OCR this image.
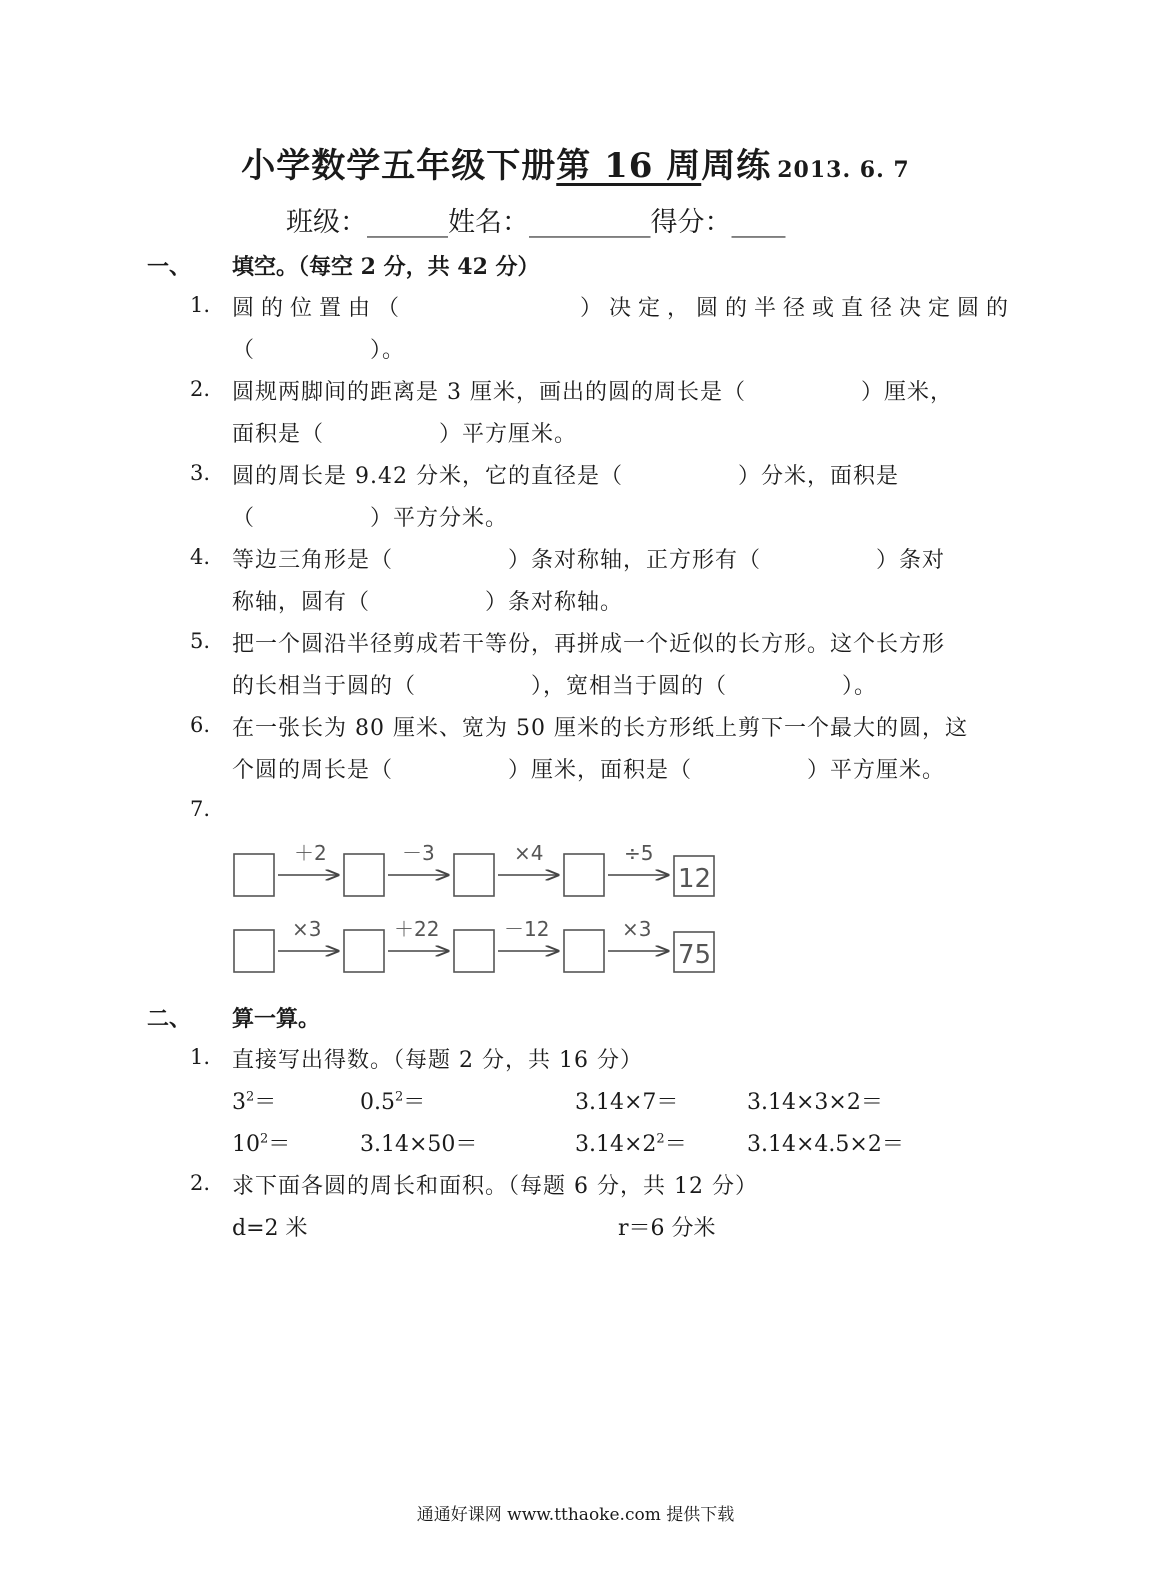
小学数学五年级下册第 16 周周练 2013. 6. 7
班级：______姓名：_________得分：____
一、 填空。（每空 2 分，共 42 分）
1. 圆的位置由（　　　　　　）决定，圆的半径或直径决定圆的
（　　　　　）。
2. 圆规两脚间的距离是 3 厘米，画出的圆的周长是（　　　　　）厘米，
面积是（　　　　　）平方厘米。
3. 圆的周长是 9.42 分米，它的直径是（　　　　　）分米，面积是
（　　　　　）平方分米。
4. 等边三角形是（　　　　　）条对称轴，正方形有（　　　　　）条对
称轴，圆有（　　　　　）条对称轴。
5. 把一个圆沿半径剪成若干等份，再拼成一个近似的长方形。这个长方形
的长相当于圆的（　　　　　），宽相当于圆的（　　　　　）。
6. 在一张长为 80 厘米、宽为 50 厘米的长方形纸上剪下一个最大的圆，这
个圆的周长是（　　　　　）厘米，面积是（　　　　　）平方厘米。
7.
＋2	－3	×4	÷5
12
×3	＋22	－12	×3
75
二、 算一算。
1. 直接写出得数。（每题 2 分，共 16 分）
$3^2=$	$0.5^2=$	3.14×7＝	3.14×3×2＝
$10^2=$	3.14×50＝	$3.14\times 2^2=$	3.14×4.5×2＝
2. 求下面各圆的周长和面积。（每题 6 分，共 12 分）
d=2 米	r＝6 分米
通通好课网 www.tthaoke.com 提供下载
